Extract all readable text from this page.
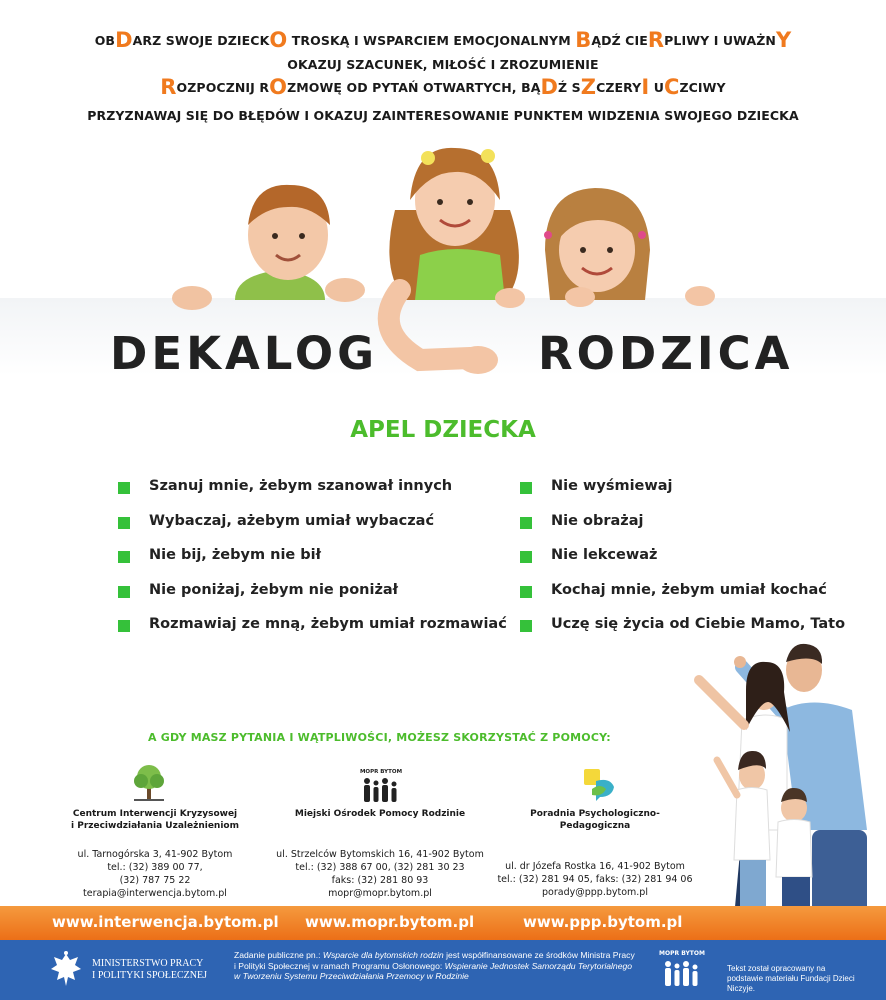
OBDARZ SWOJE DZIECKO TROSKĄ I WSPARCIEM EMOCJONALNYM BĄDŹ CIERPLIWY I UWAŻNY
OKAZUJ SZACUNEK, MIŁOŚĆ I ZROZUMIENIE
ROZPOCZNIJ ROZMOWĘ OD PYTAŃ OTWARTYCH, BĄDŹ SZCZERYI UCZCIWY
PRZYZNAWAJ SIĘ DO BŁĘDÓW I OKAZUJ ZAINTERESOWANIE PUNKTEM WIDZENIA SWOJEGO DZIECKA
DEKALOG	RODZICA
APEL DZIECKA
Szanuj mnie, żebym szanował innych
Wybaczaj, ażebym umiał wybaczać
Nie bij, żebym nie bił
Nie poniżaj, żebym nie poniżał
Rozmawiaj ze mną, żebym umiał rozmawiać
Nie wyśmiewaj
Nie obrażaj
Nie lekceważ
Kochaj mnie, żebym umiał kochać
Uczę się życia od Ciebie Mamo, Tato
A GDY MASZ PYTANIA I WĄTPLIWOŚCI, MOŻESZ SKORZYSTAĆ Z POMOCY:
MOPR BYTOM
Centrum Interwencji Kryzysowej
i Przeciwdziałania Uzależnieniom
ul. Tarnogórska 3, 41-902 Bytom
tel.: (32) 389 00 77,
(32) 787 75 22
terapia@interwencja.bytom.pl
Miejski Ośrodek Pomocy Rodzinie
ul. Strzelców Bytomskich 16, 41-902 Bytom
tel.: (32) 388 67 00, (32) 281 30 23
faks: (32) 281 80 93
mopr@mopr.bytom.pl
Poradnia Psychologiczno-Pedagogiczna
ul. dr Józefa Rostka 16, 41-902 Bytom
tel.: (32) 281 94 05, faks: (32) 281 94 06
porady@ppp.bytom.pl
www.interwencja.bytom.pl www.mopr.bytom.pl	www.ppp.bytom.pl
MINISTERSTWO PRACY
I POLITYKI SPOŁECZNEJ
Zadanie publiczne pn.: Wsparcie dla bytomskich rodzin jest współfinansowane ze środków Ministra Pracy i Polityki Społecznej w ramach Programu Osłonowego: Wspieranie Jednostek Samorządu Terytorialnego w Tworzeniu Systemu Przeciwdziałania Przemocy w Rodzinie
MOPR BYTOM
Tekst został opracowany na podstawie materiału Fundacji Dzieci Niczyje.
